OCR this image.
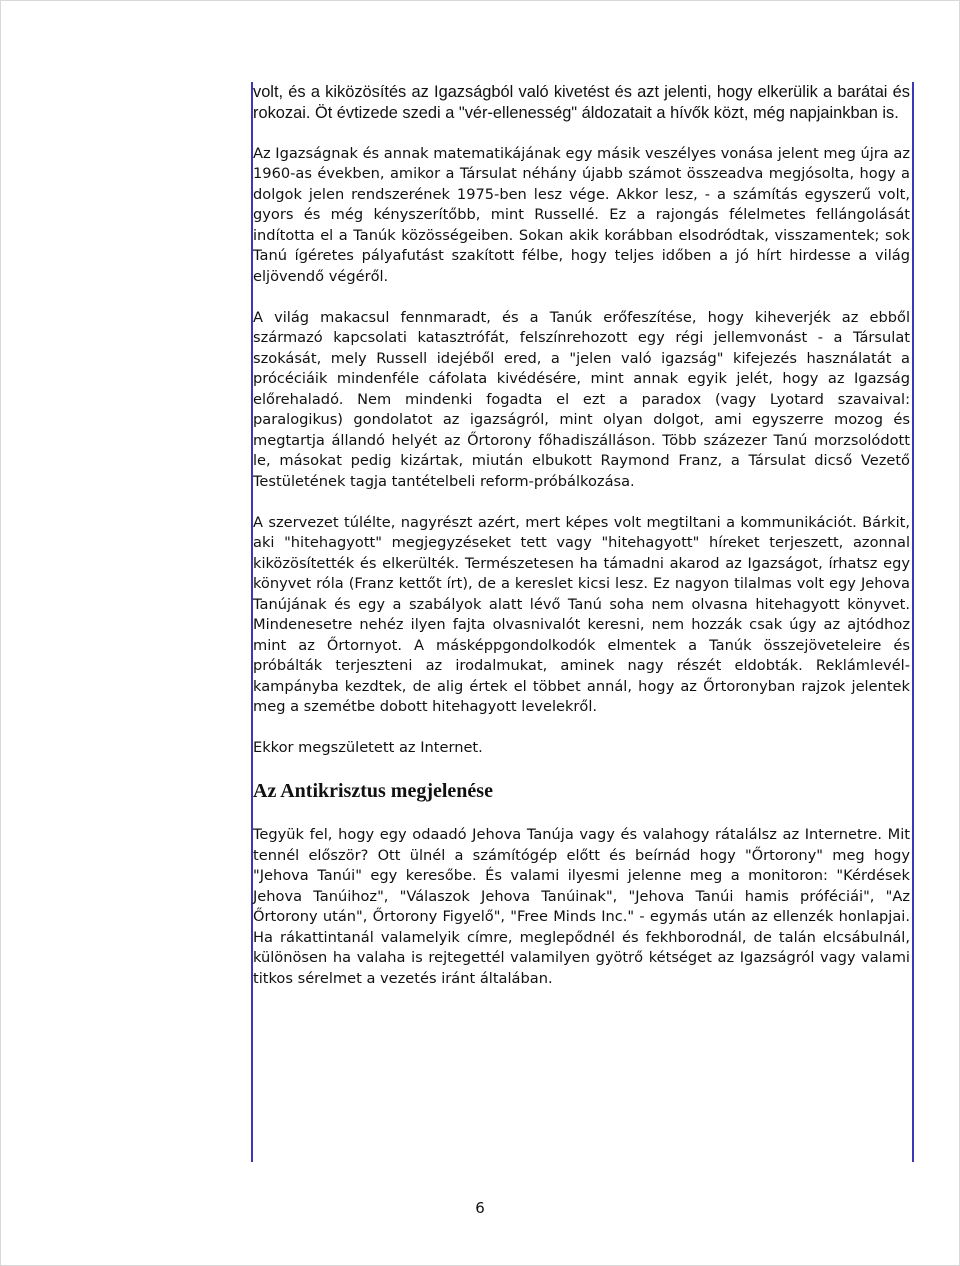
volt, és a kiközösítés az Igazságból való kivetést és azt jelenti, hogy elkerülik a barátai és rokozai. Öt évtizede szedi a "vér-ellenesség" áldozatait a hívők közt, még napjainkban is.

Az Igazságnak és annak matematikájának egy másik veszélyes vonása jelent meg újra az 1960-as években, amikor a Társulat néhány újabb számot összeadva megjósolta, hogy a dolgok jelen rendszerének 1975-ben lesz vége. Akkor lesz, - a számítás egyszerű volt, gyors és még kényszerítőbb, mint Russellé. Ez a rajongás félelmetes fellángolását indította el a Tanúk közösségeiben. Sokan akik korábban elsodródtak, visszamentek; sok Tanú ígéretes pályafutást szakított félbe, hogy teljes időben a jó hírt hirdesse a világ eljövendő végéről.

A világ makacsul fennmaradt, és a Tanúk erőfeszítése, hogy kiheverjék az ebből származó kapcsolati katasztrófát, felszínrehozott egy régi jellemvonást - a Társulat szokását, mely Russell idejéből ered, a "jelen való igazság" kifejezés használatát a prócéciáik mindenféle cáfolata kivédésére, mint annak egyik jelét, hogy az Igazság előrehaladó. Nem mindenki fogadta el ezt a paradox (vagy Lyotard szavaival: paralogikus) gondolatot az igazságról, mint olyan dolgot, ami egyszerre mozog és megtartja állandó helyét az Őrtorony főhadiszálláson. Több százezer Tanú morzsolódott le, másokat pedig kizártak, miután elbukott Raymond Franz, a Társulat dicső Vezető Testületének tagja tantételbeli reform-próbálkozása.

A szervezet túlélte, nagyrészt azért, mert képes volt megtiltani a kommunikációt. Bárkit, aki "hitehagyott" megjegyzéseket tett vagy "hitehagyott" híreket terjeszett, azonnal kiközösítették és elkerülték. Természetesen ha támadni akarod az Igazságot, írhatsz egy könyvet róla (Franz kettőt írt), de a kereslet kicsi lesz. Ez nagyon tilalmas volt egy Jehova Tanújának és egy a szabályok alatt lévő Tanú soha nem olvasna hitehagyott könyvet. Mindenesetre nehéz ilyen fajta olvasnivalót keresni, nem hozzák csak úgy az ajtódhoz mint az Őrtornyot. A másképpgondolkodók elmentek a Tanúk összejöveteleire és próbálták terjeszteni az irodalmukat, aminek nagy részét eldobták. Reklámlevél-kampányba kezdtek, de alig értek el többet annál, hogy az Őrtoronyban rajzok jelentek meg a szemétbe dobott hitehagyott levelekről.

Ekkor megszületett az Internet.

Az Antikrisztus megjelenése

Tegyük fel, hogy egy odaadó Jehova Tanúja vagy és valahogy rátalálsz az Internetre. Mit tennél először? Ott ülnél a számítógép előtt és beírnád hogy "Őrtorony" meg hogy "Jehova Tanúi" egy keresőbe. És valami ilyesmi jelenne meg a monitoron: "Kérdések Jehova Tanúihoz", "Válaszok Jehova Tanúinak", "Jehova Tanúi hamis próféciái", "Az Őrtorony után", Őrtorony Figyelő", "Free Minds Inc." - egymás után az ellenzék honlapjai. Ha rákattintanál valamelyik címre, meglepődnél és fekhborodnál, de talán elcsábulnál, különösen ha valaha is rejtegettél valamilyen gyötrő kétséget az Igazságról vagy valami titkos sérelmet a vezetés iránt általában.

6
